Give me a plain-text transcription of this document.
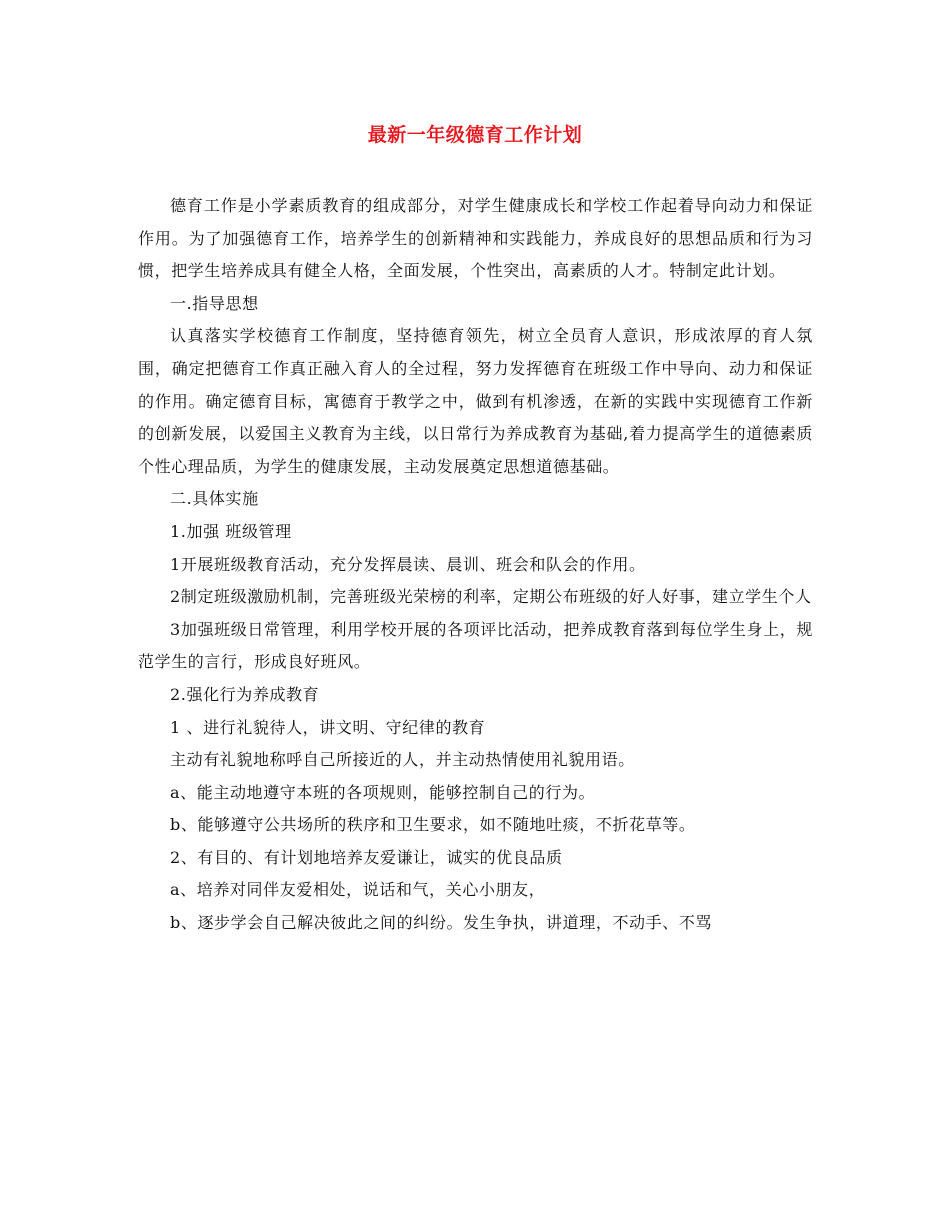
最新一年级德育工作计划

德育工作是小学素质教育的组成部分，对学生健康成长和学校工作起着导向动力和保证作用。为了加强德育工作，培养学生的创新精神和实践能力，养成良好的思想品质和行为习惯，把学生培养成具有健全人格，全面发展，个性突出，高素质的人才。特制定此计划。

一.指导思想

认真落实学校德育工作制度，坚持德育领先，树立全员育人意识，形成浓厚的育人氛围，确定把德育工作真正融入育人的全过程，努力发挥德育在班级工作中导向、动力和保证的作用。确定德育目标，寓德育于教学之中，做到有机渗透，在新的实践中实现德育工作新的创新发展，以爱国主义教育为主线，以日常行为养成教育为基础,着力提高学生的道德素质个性心理品质，为学生的健康发展，主动发展奠定思想道德基础。

二.具体实施

1.加强 班级管理

1开展班级教育活动，充分发挥晨读、晨训、班会和队会的作用。

2制定班级激励机制，完善班级光荣榜的利率，定期公布班级的好人好事，建立学生个人

3加强班级日常管理，利用学校开展的各项评比活动，把养成教育落到每位学生身上，规范学生的言行，形成良好班风。

2.强化行为养成教育

1 、进行礼貌待人，讲文明、守纪律的教育

主动有礼貌地称呼自己所接近的人，并主动热情使用礼貌用语。

a、能主动地遵守本班的各项规则，能够控制自己的行为。

b、能够遵守公共场所的秩序和卫生要求，如不随地吐痰，不折花草等。

2、有目的、有计划地培养友爱谦让，诚实的优良品质

a、培养对同伴友爱相处，说话和气，关心小朋友，

b、逐步学会自己解决彼此之间的纠纷。发生争执，讲道理，不动手、不骂
